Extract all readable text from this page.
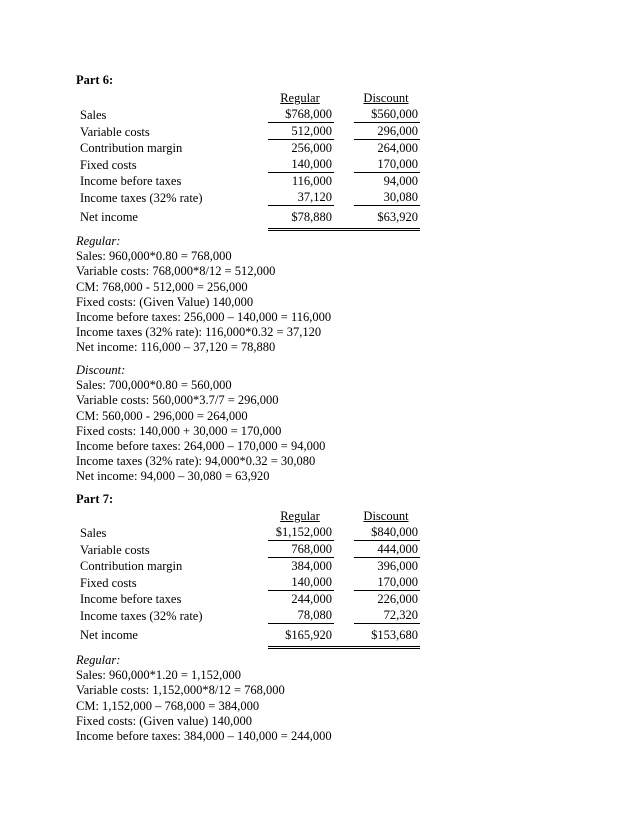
Part 6:
	Regular		Discount
Sales	$768,000		$560,000
Variable costs	512,000		296,000
Contribution margin	256,000		264,000
Fixed costs	140,000		170,000
Income before taxes	116,000		94,000
Income taxes (32% rate)	37,120		30,080
Net income	$78,880		$63,920
Regular:
Sales: 960,000*0.80 = 768,000
Variable costs: 768,000*8/12 = 512,000
CM: 768,000 - 512,000 = 256,000
Fixed costs: (Given Value) 140,000
Income before taxes: 256,000 – 140,000 = 116,000
Income taxes (32% rate): 116,000*0.32 = 37,120
Net income: 116,000 – 37,120 = 78,880
Discount:
Sales: 700,000*0.80 = 560,000
Variable costs: 560,000*3.7/7 = 296,000
CM: 560,000 - 296,000 = 264,000
Fixed costs: 140,000 + 30,000 = 170,000
Income before taxes: 264,000 – 170,000 = 94,000
Income taxes (32% rate): 94,000*0.32 = 30,080
Net income: 94,000 – 30,080 = 63,920
Part 7:
	Regular		Discount
Sales	$1,152,000		$840,000
Variable costs	768,000		444,000
Contribution margin	384,000		396,000
Fixed costs	140,000		170,000
Income before taxes	244,000		226,000
Income taxes (32% rate)	78,080		72,320
Net income	$165,920		$153,680
Regular:
Sales: 960,000*1.20 = 1,152,000
Variable costs: 1,152,000*8/12 = 768,000
CM: 1,152,000 – 768,000 = 384,000
Fixed costs: (Given value) 140,000
Income before taxes: 384,000 – 140,000 = 244,000
